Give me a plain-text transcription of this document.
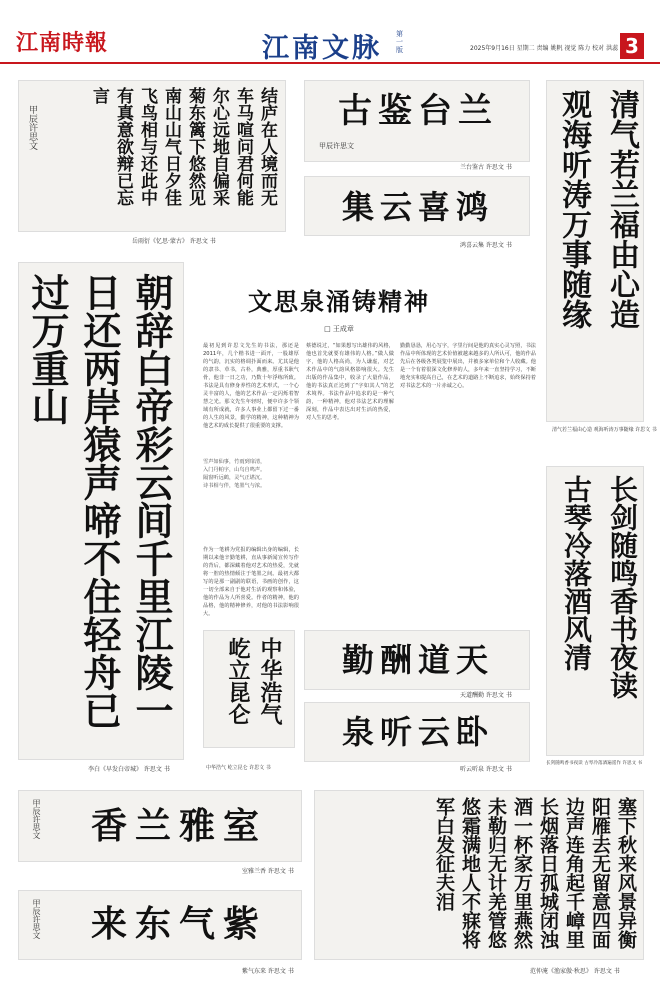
江南時報	江南文脉 第一版	2025年9月16日 星期二 责编 姚帆 视觉 陈力 校对 洪蕊 3
结庐在人境而无车马喧问君何能尔心远地自偏采菊东篱下悠然见南山山气日夕佳飞鸟相与还此中有真意欲辩已忘言
甲辰许思文
岳雨衍《忆思·蒙古》 许思文 书
兰台鉴古
甲辰许思文
兰台鉴古 许思文 书
鸿喜云集
鸿喜云集 许思文 书	清气若兰福由心造
观海听涛万事随缘
清气若兰福由心造 观海听涛万事随缘 许思文 书
朝辞白帝彩云间千里江陵一日还两岸猿声啼不住轻舟已过万重山
李白《早发白帝城》 许思文 书
文思泉涌铸精神
□ 王成章
最初见到许思文先生的书法，那还是2011年，几个楷书进一面开，一股雄厚的气韵，沉实的格调扑面而来。尤其是他的隶书、草书，古朴，典雅，厚重书耿气骨，他非一日之功，乃数十年浮练所致。书法是具有修身养性的艺术形式，一个心灵丰富的人，他的艺术作品一定闪烁着智慧之光。那文先生年轻时，便中许多个领域有所成就，许多人事业上都留下过一番的人生的风景，勤学的精神，这种精神为他艺术的成长提供了很重要的支撑。
雪声如仙事，竹雨到扉清，
入门丹帕字，山鸟自鸣声。
隔窗听远鹤，灵气正堪沉。
诗书相与伴，笔墨气与浓。
作为一笔耕为党报的编辑出身的编辑，长期以来他辛勤笔耕，直从事新闻宣传写作的背后，都深藏着他对艺术的热爱，先就将一腔的热情倾注于笔墨之间。最初大都写的是那一副副的联语，书画的创作，这一切全部来自于他对生活的观察和体验，他的作品为人所喜爱。作者的精神，他的品格，他的精神修养，对他的书法影响很大。
蔡德说过，“如果想写出雄伟的风格，他也首先就要有雄伟的人格。”做人做字，他的人格高尚，为人谦虚，对艺术作品中的气韵风格影响很大。先生出版的作品集中，收录了大量作品，他的书法真正达到了“字如其人”的艺术境界。书法作品中追求的是一种气韵，一种精神，他对书法艺术的理解深刻，作品中表达出对生活的热爱，对人生的思考。
勤勤恳恳，用心写字，字里行间是他的真实心灵写照，书法作品中所体现的艺术价值被越来越多的人所认可，他的作品先后在各级各类展览中展出，并被多家单位和个人收藏。他是一个有着很深文化修养的人，多年来一直坚持学习，不断地充实和提高自己，在艺术的道路上不断追求，始终保持着对书法艺术的一片赤诚之心。
中华浩气屹立昆仑
中华浩气 屹立昆仑 许思文 书
天道酬勤
天道酬勤 许思文 书
卧云听泉
听云听泉 许思文 书
长剑随鸣香书夜读
古琴冷落酒风清
长剑随鸣香书夜读 古琴冷落酒遍遥作 许思文 书
室雅兰香
甲辰许思文
室雅兰香 许思文 书
紫气东来
甲辰许思文
紫气东来 许思文 书
塞下秋来风景异衡阳雁去无留意四面边声连角起千嶂里长烟落日孤城闭浊酒一杯家万里燕然未勒归无计羌管悠悠霜满地人不寐将军白发征夫泪
范仲淹《渔家傲·秋思》 许思文 书
